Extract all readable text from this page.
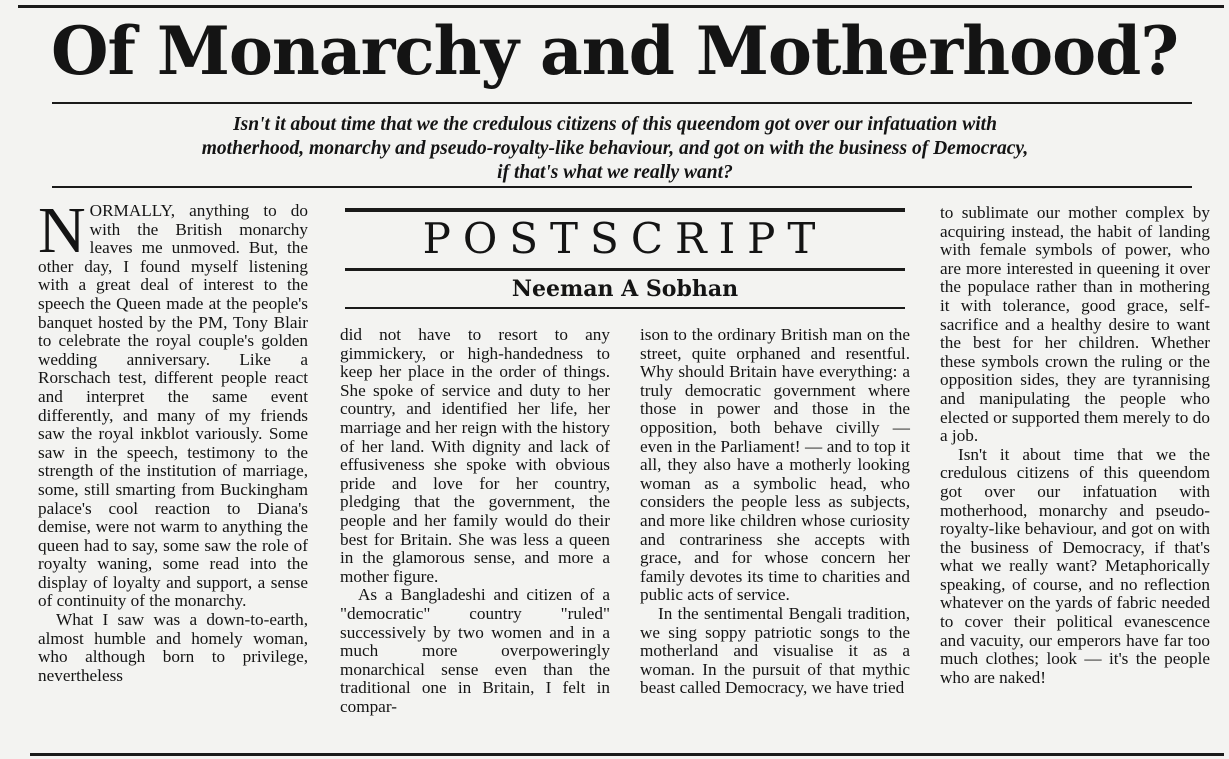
Of Monarchy and Motherhood?

Isn't it about time that we the credulous citizens of this queendom got over our infatuation with motherhood, monarchy and pseudo-royalty-like behaviour, and got on with the business of Democracy, if that's what we really want?

POSTSCRIPT
Neeman A Sobhan

NORMALLY, anything to do with the British monarchy leaves me unmoved. But, the other day, I found myself listening with a great deal of interest to the speech the Queen made at the people's banquet hosted by the PM, Tony Blair to celebrate the royal couple's golden wedding anniversary. Like a Rorschach test, different people react and interpret the same event differently, and many of my friends saw the royal inkblot variously. Some saw in the speech, testimony to the strength of the institution of marriage, some, still smarting from Buckingham palace's cool reaction to Diana's demise, were not warm to anything the queen had to say, some saw the role of royalty waning, some read into the display of loyalty and support, a sense of continuity of the monarchy.

What I saw was a down-to-earth, almost humble and homely woman, who although born to privilege, nevertheless

did not have to resort to any gimmickery, or high-handedness to keep her place in the order of things. She spoke of service and duty to her country, and identified her life, her marriage and her reign with the history of her land. With dignity and lack of effusiveness she spoke with obvious pride and love for her country, pledging that the government, the people and her family would do their best for Britain. She was less a queen in the glamorous sense, and more a mother figure.

As a Bangladeshi and citizen of a "democratic" country "ruled" successively by two women and in a much more overpoweringly monarchical sense even than the traditional one in Britain, I felt in compar-

ison to the ordinary British man on the street, quite orphaned and resentful. Why should Britain have everything: a truly democratic government where those in power and those in the opposition, both behave civilly — even in the Parliament! — and to top it all, they also have a motherly looking woman as a symbolic head, who considers the people less as subjects, and more like children whose curiosity and contrariness she accepts with grace, and for whose concern her family devotes its time to charities and public acts of service.

In the sentimental Bengali tradition, we sing soppy patriotic songs to the motherland and visualise it as a woman. In the pursuit of that mythic beast called Democracy, we have tried

to sublimate our mother complex by acquiring instead, the habit of landing with female symbols of power, who are more interested in queening it over the populace rather than in mothering it with tolerance, good grace, self-sacrifice and a healthy desire to want the best for her children. Whether these symbols crown the ruling or the opposition sides, they are tyrannising and manipulating the people who elected or supported them merely to do a job.

Isn't it about time that we the credulous citizens of this queendom got over our infatuation with motherhood, monarchy and pseudo-royalty-like behaviour, and got on with the business of Democracy, if that's what we really want? Metaphorically speaking, of course, and no reflection whatever on the yards of fabric needed to cover their political evanescence and vacuity, our emperors have far too much clothes; look — it's the people who are naked!
